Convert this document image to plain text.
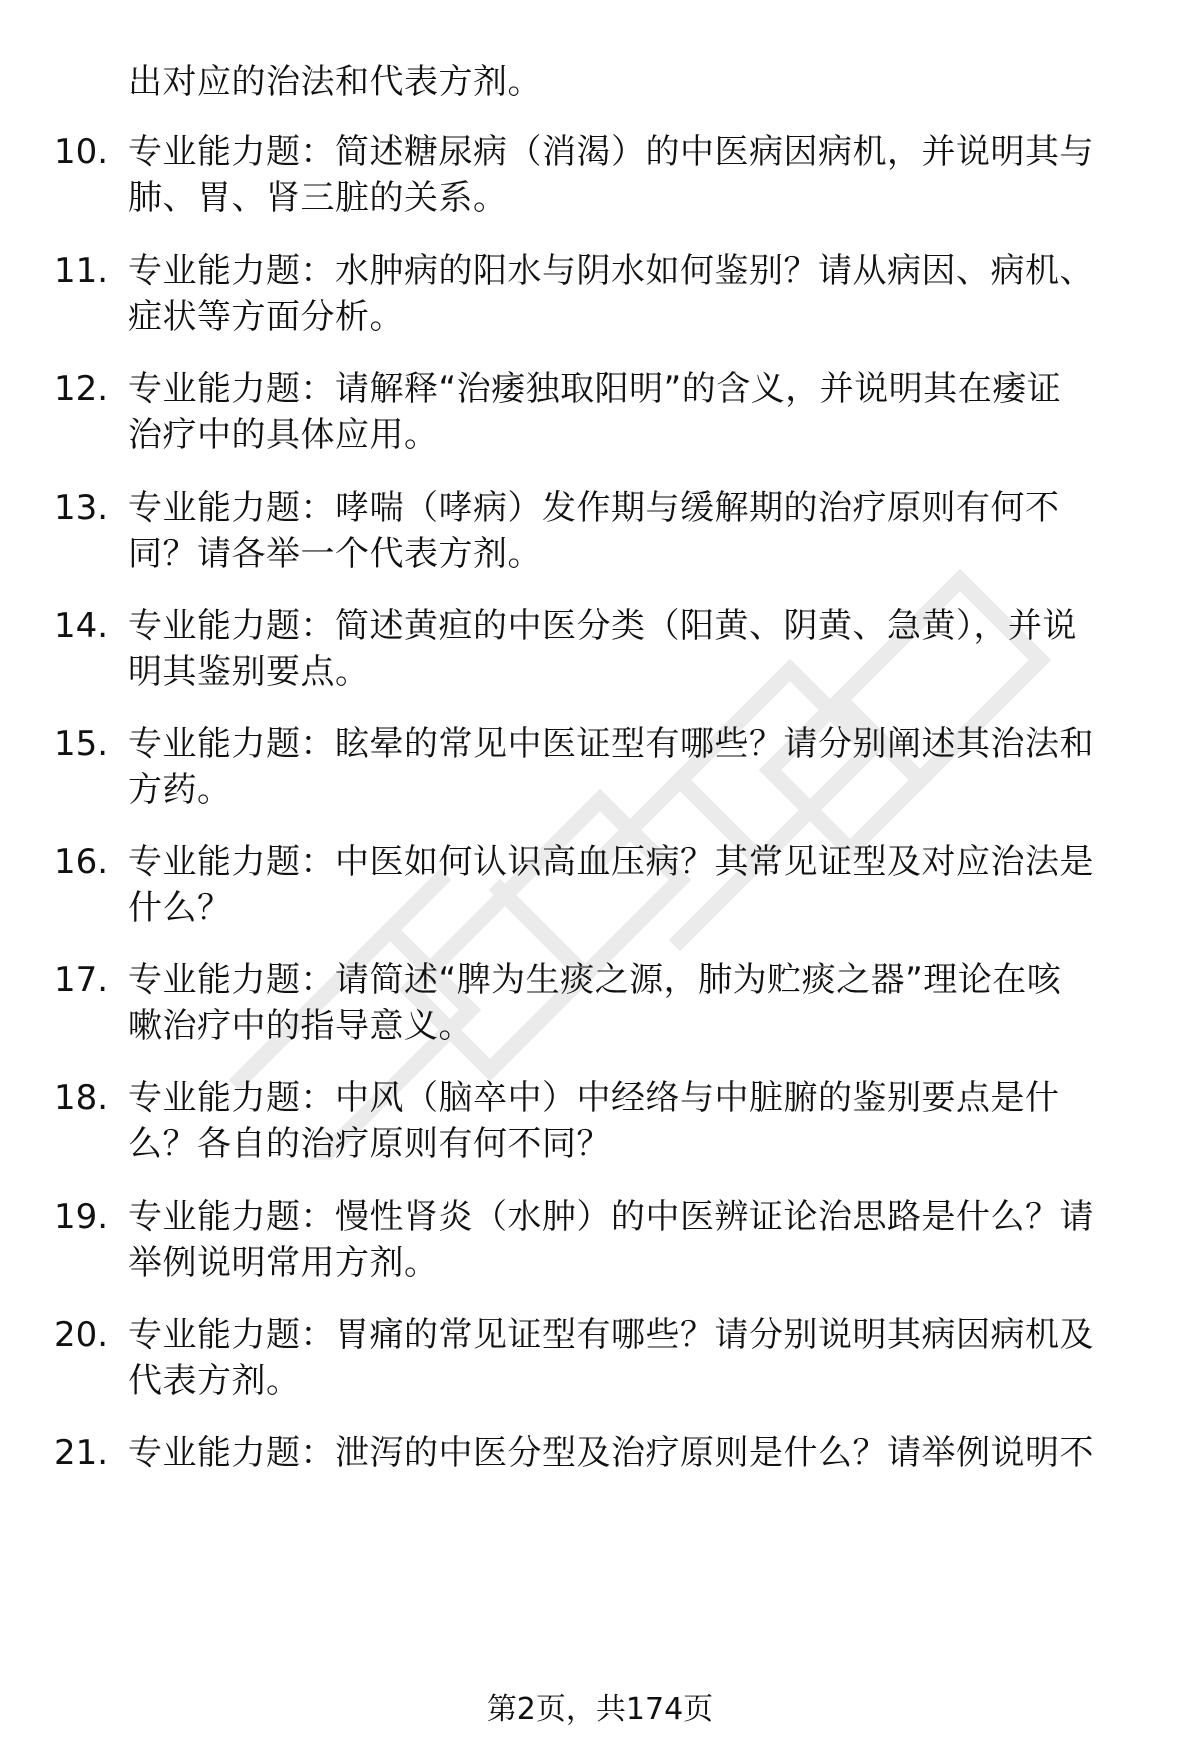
出对应的治法和代表方剂。
10. 专业能力题：简述糖尿病（消渴）的中医病因病机，并说明其与
肺、胃、肾三脏的关系。
11. 专业能力题：水肿病的阳水与阴水如何鉴别？请从病因、病机、
症状等方面分析。
12. 专业能力题：请解释“治痿独取阳明”的含义，并说明其在痿证
治疗中的具体应用。
13. 专业能力题：哮喘（哮病）发作期与缓解期的治疗原则有何不
同？请各举一个代表方剂。
14. 专业能力题：简述黄疸的中医分类（阳黄、阴黄、急黄），并说
明其鉴别要点。
15. 专业能力题：眩晕的常见中医证型有哪些？请分别阐述其治法和
方药。
16. 专业能力题：中医如何认识高血压病？其常见证型及对应治法是
什么？
17. 专业能力题：请简述“脾为生痰之源，肺为贮痰之器”理论在咳
嗽治疗中的指导意义。
18. 专业能力题：中风（脑卒中）中经络与中脏腑的鉴别要点是什
么？各自的治疗原则有何不同？
19. 专业能力题：慢性肾炎（水肿）的中医辨证论治思路是什么？请
举例说明常用方剂。
20. 专业能力题：胃痛的常见证型有哪些？请分别说明其病因病机及
代表方剂。
21. 专业能力题：泄泻的中医分型及治疗原则是什么？请举例说明不
第2页，共174页
